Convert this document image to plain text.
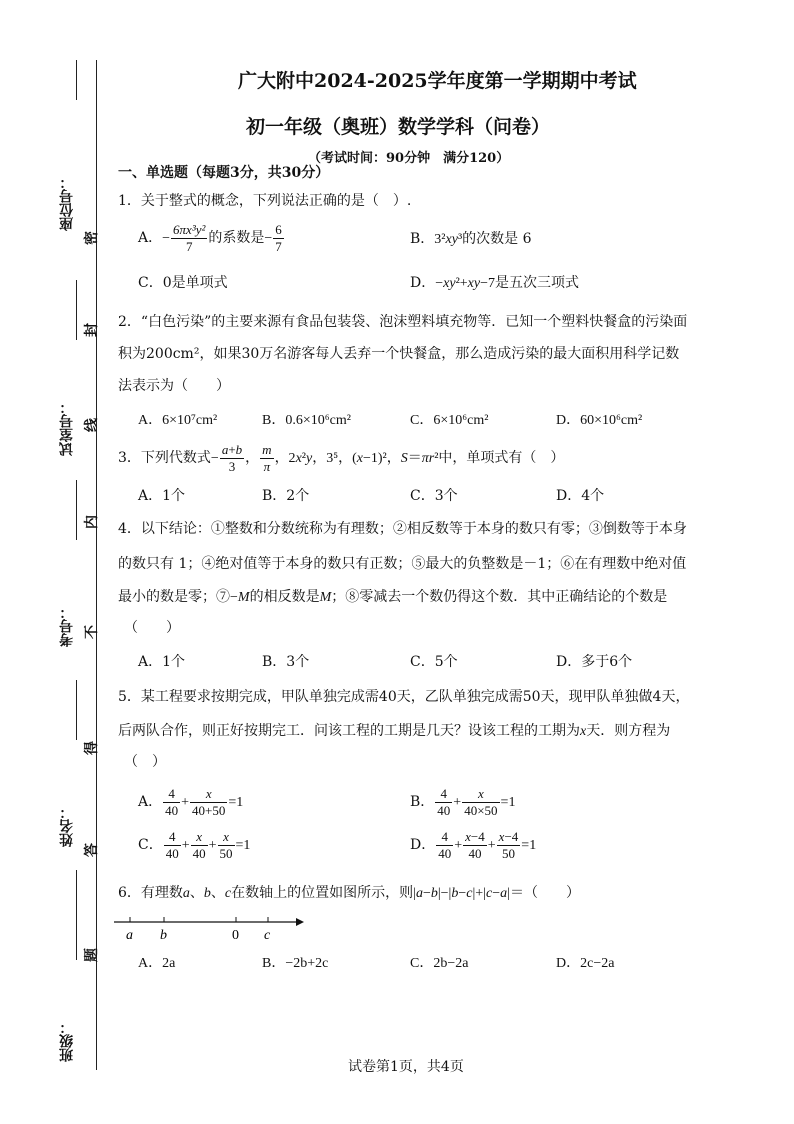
座位号：
试室号：
考号：
姓名：
班级：
密
封
线
内
不
得
答
题
广大附中2024-2025学年度第一学期期中考试
初一年级（奥班）数学学科（问卷）
（考试时间：90分钟　满分120）
一、单选题（每题3分，共30分）
1．关于整式的概念，下列说法正确的是（　）.
A．− $\frac{\text{6πx³y²}}{7}$ 的系数是− $\frac{6}{7}$	B．3²xy³的次数是 6
C．0是单项式	D．−xy²+xy−7是五次三项式
2．“白色污染”的主要来源有食品包装袋、泡沫塑料填充物等．已知一个塑料快餐盒的污染面
积为200cm²，如果30万名游客每人丢弃一个快餐盒，那么造成污染的最大面积用科学记数
法表示为（　　）
A．6×10⁷cm²	B．0.6×10⁶cm²	C．6×10⁶cm²	D．60×10⁶cm²
3．下列代数式− $\frac{a+b}{3}$ ， $\frac{m}{\pi}$ ，2x²y，3⁵，(x−1)²，S＝πr²中，单项式有（　）
A．1个	B．2个	C．3个	D．4个
4．以下结论：①整数和分数统称为有理数；②相反数等于本身的数只有零；③倒数等于本身
的数只有 1；④绝对值等于本身的数只有正数；⑤最大的负整数是－1；⑥在有理数中绝对值
最小的数是零；⑦−M的相反数是M；⑧零减去一个数仍得这个数．其中正确结论的个数是
（　　）
A．1个	B．3个	C．5个	D．多于6个
5．某工程要求按期完成，甲队单独完成需40天，乙队单独完成需50天，现甲队单独做4天，
后两队合作，则正好按期完工．问该工程的工期是几天？设该工程的工期为x天．则方程为
（　）
A． $\frac{4}{40} + \frac{x}{40+50} =1$	B． $\frac{4}{40} + \frac{x}{40\times 50} =1$
C． $\frac{4}{40} + \frac{x}{40} + \frac{x}{50} =1$	D． $\frac{4}{40} + \frac{x-4}{40} + \frac{x-4}{50} =1$
6．有理数a、b、c在数轴上的位置如图所示，则|a−b|−|b−c|+|c−a|＝（　　）
a b	0 c
A．2a	B．−2b+2c	C．2b−2a	D．2c−2a
试卷第1页，共4页
